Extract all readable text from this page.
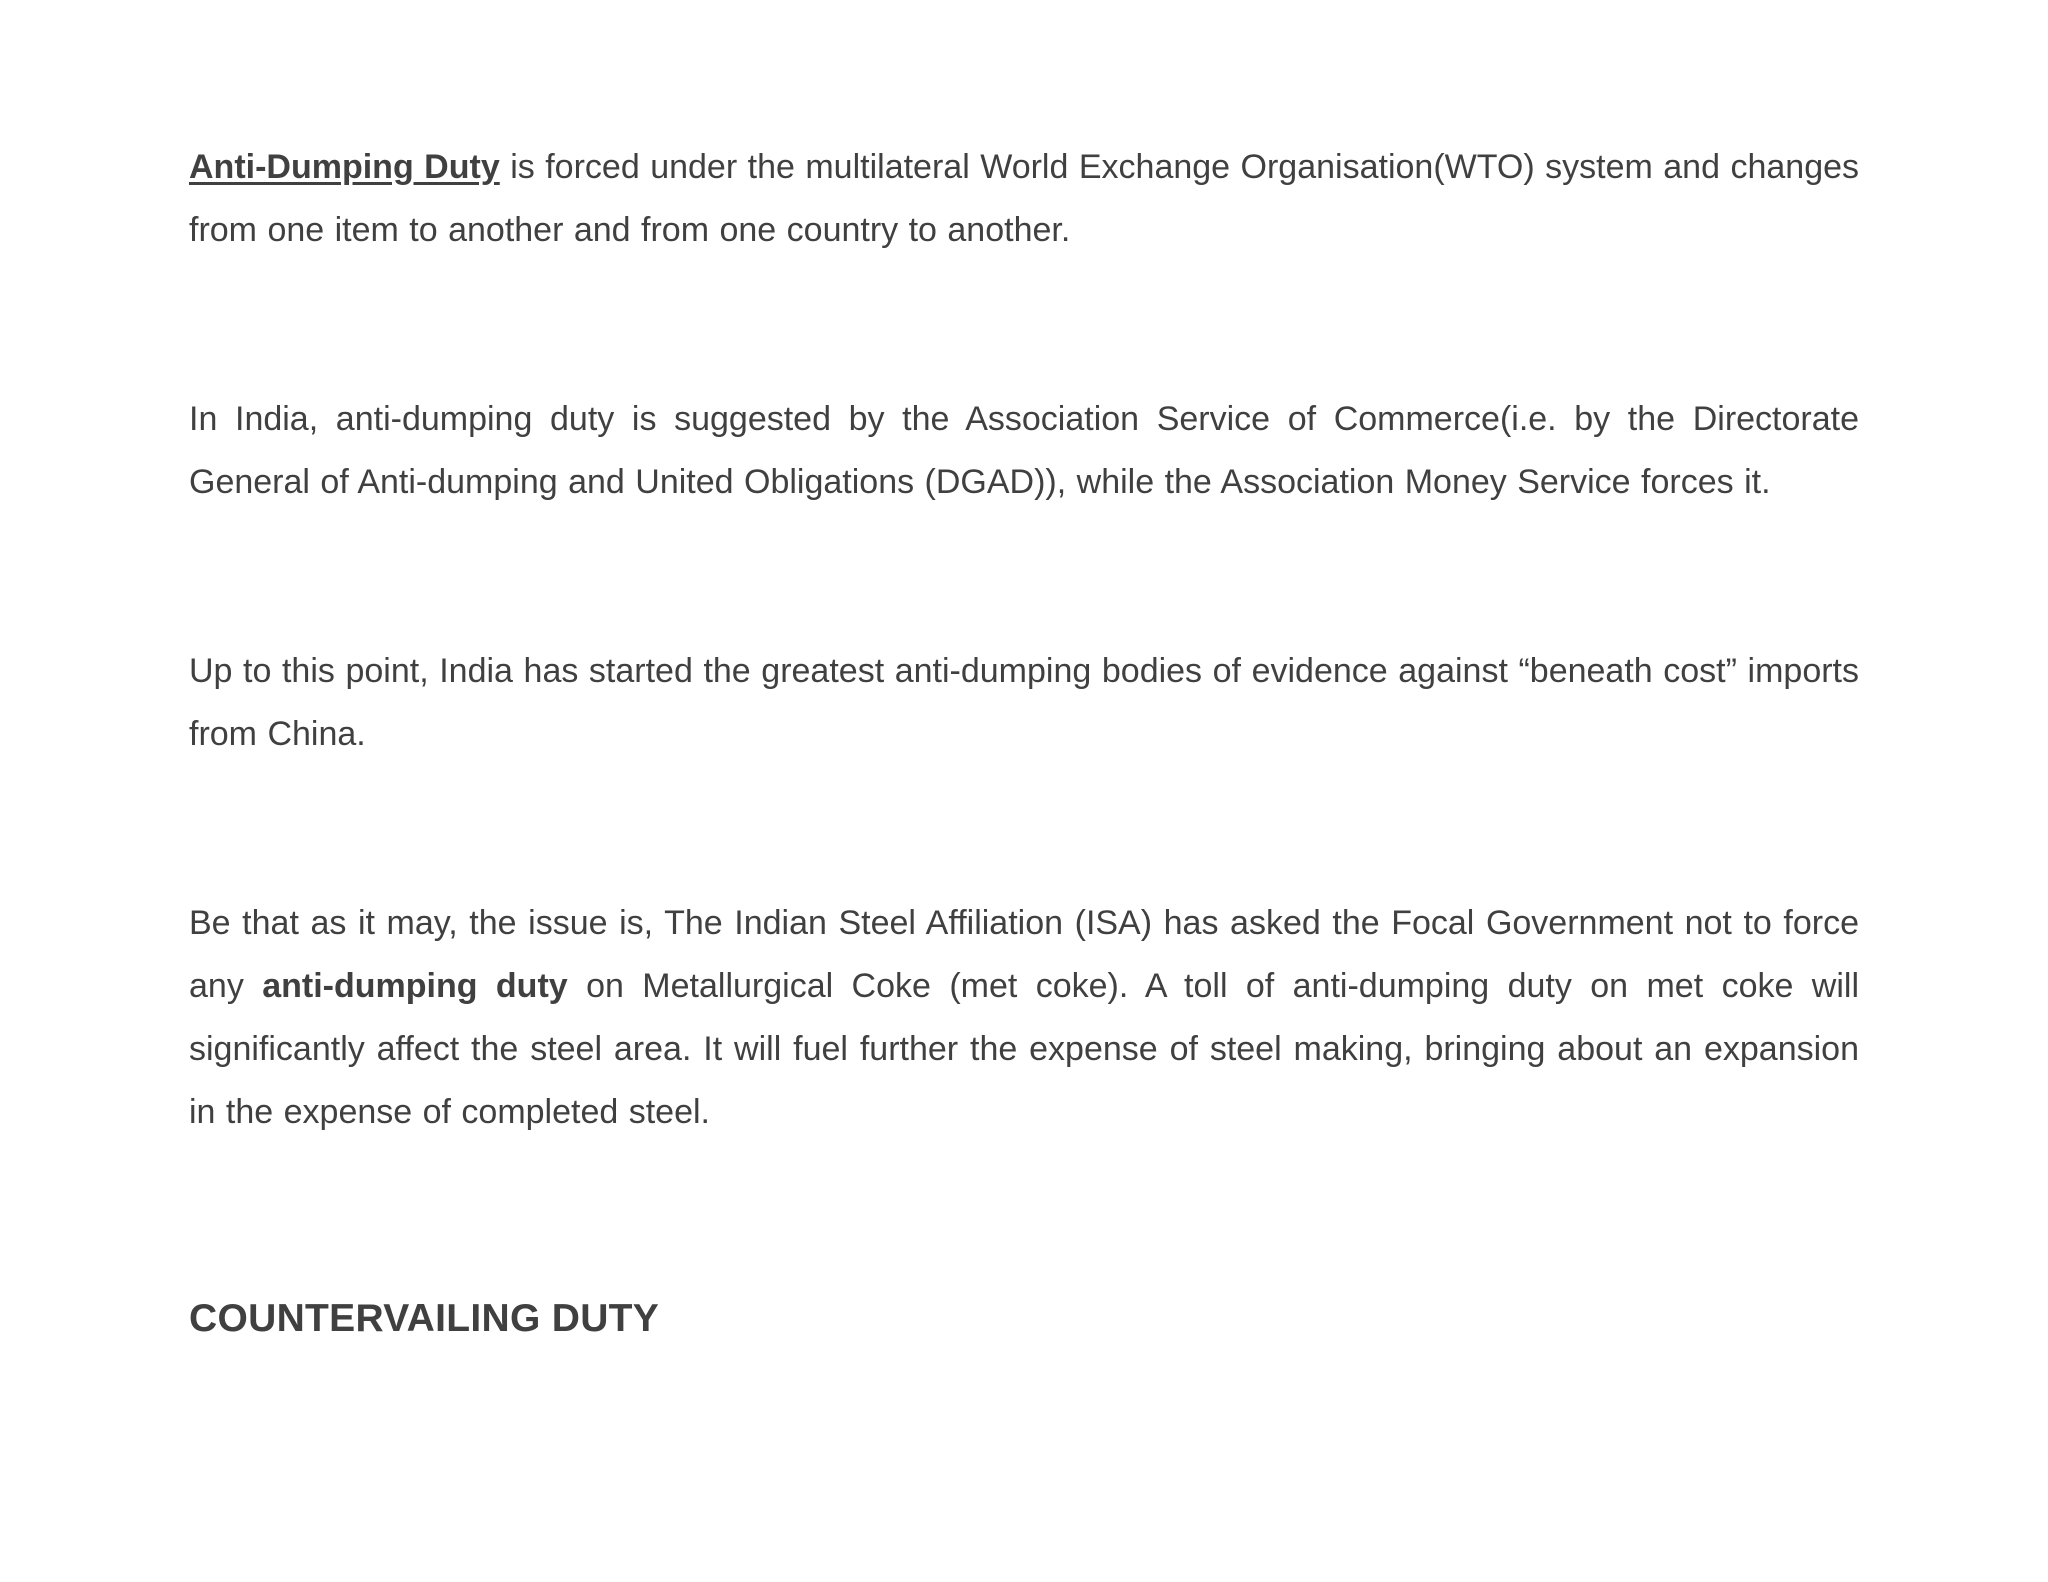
Anti-Dumping Duty is forced under the multilateral World Exchange Organisation(WTO) system and changes from one item to another and from one country to another.

In India, anti-dumping duty is suggested by the Association Service of Commerce(i.e. by the Directorate General of Anti-dumping and United Obligations (DGAD)), while the Association Money Service forces it.

Up to this point, India has started the greatest anti-dumping bodies of evidence against “beneath cost” imports from China.

Be that as it may, the issue is, The Indian Steel Affiliation (ISA) has asked the Focal Government not to force any anti-dumping duty on Metallurgical Coke (met coke). A toll of anti-dumping duty on met coke will significantly affect the steel area. It will fuel further the expense of steel making, bringing about an expansion in the expense of completed steel.

COUNTERVAILING DUTY
